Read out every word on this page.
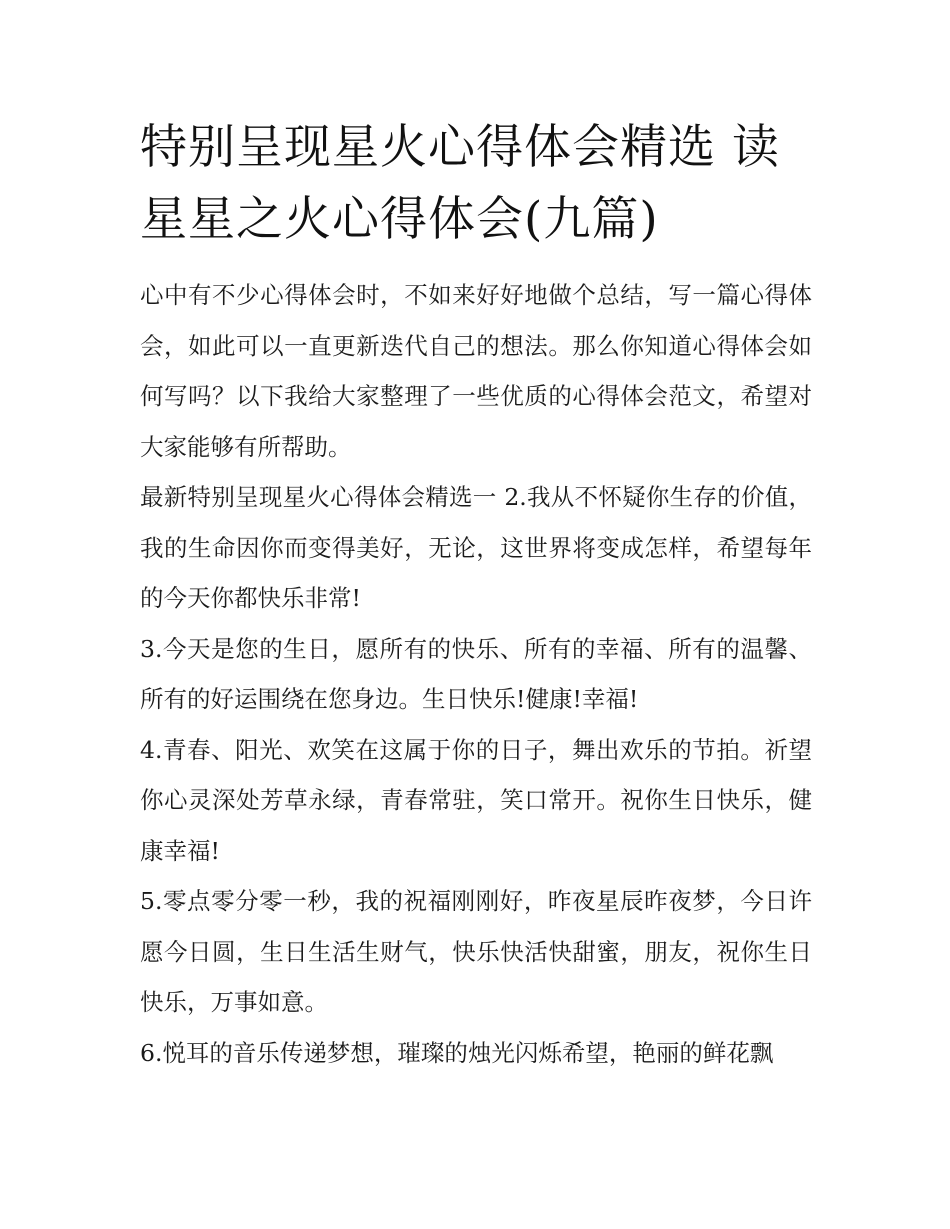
特别呈现星火心得体会精选 读星星之火心得体会(九篇)

心中有不少心得体会时，不如来好好地做个总结，写一篇心得体会，如此可以一直更新迭代自己的想法。那么你知道心得体会如何写吗？以下我给大家整理了一些优质的心得体会范文，希望对大家能够有所帮助。

最新特别呈现星火心得体会精选一 2.我从不怀疑你生存的价值，我的生命因你而变得美好，无论，这世界将变成怎样，希望每年的今天你都快乐非常!

3.今天是您的生日，愿所有的快乐、所有的幸福、所有的温馨、所有的好运围绕在您身边。生日快乐!健康!幸福!

4.青春、阳光、欢笑在这属于你的日子，舞出欢乐的节拍。祈望你心灵深处芳草永绿，青春常驻，笑口常开。祝你生日快乐，健康幸福!

5.零点零分零一秒，我的祝福刚刚好，昨夜星辰昨夜梦，今日许愿今日圆，生日生活生财气，快乐快活快甜蜜，朋友，祝你生日快乐，万事如意。

6.悦耳的音乐传递梦想，璀璨的烛光闪烁希望，艳丽的鲜花飘
